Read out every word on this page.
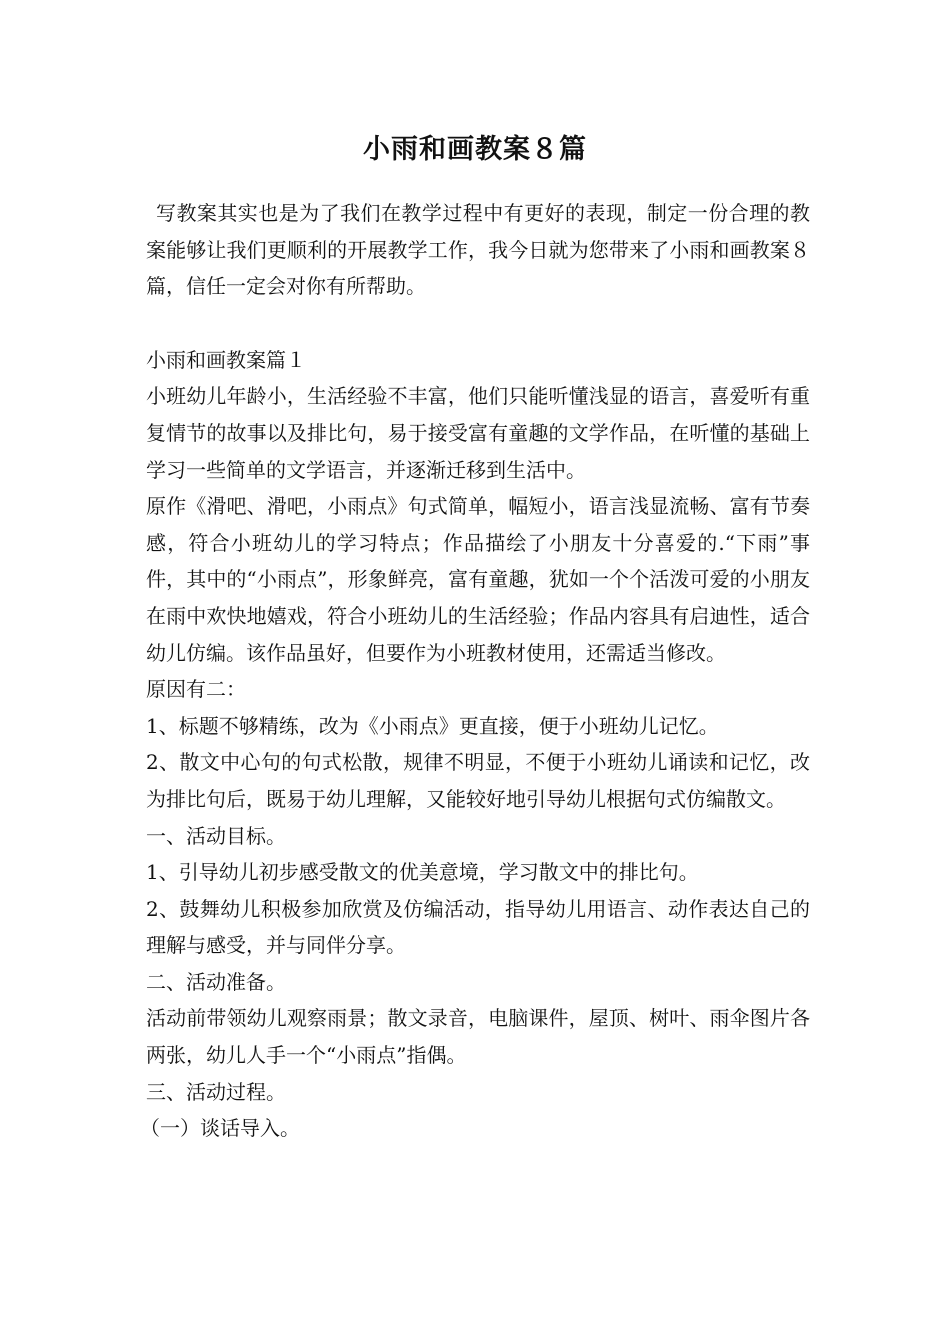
小雨和画教案８篇

写教案其实也是为了我们在教学过程中有更好的表现，制定一份合理的教案能够让我们更顺利的开展教学工作，我今日就为您带来了小雨和画教案８篇，信任一定会对你有所帮助。

小雨和画教案篇１

小班幼儿年龄小，生活经验不丰富，他们只能听懂浅显的语言，喜爱听有重复情节的故事以及排比句，易于接受富有童趣的文学作品，在听懂的基础上学习一些简单的文学语言，并逐渐迁移到生活中。

原作《滑吧、滑吧，小雨点》句式简单，幅短小，语言浅显流畅、富有节奏感，符合小班幼儿的学习特点；作品描绘了小朋友十分喜爱的.“下雨”事件，其中的“小雨点”，形象鲜亮，富有童趣，犹如一个个活泼可爱的小朋友在雨中欢快地嬉戏，符合小班幼儿的生活经验；作品内容具有启迪性，适合幼儿仿编。该作品虽好，但要作为小班教材使用，还需适当修改。

原因有二：

1、标题不够精练，改为《小雨点》更直接，便于小班幼儿记忆。

2、散文中心句的句式松散，规律不明显，不便于小班幼儿诵读和记忆，改为排比句后，既易于幼儿理解，又能较好地引导幼儿根据句式仿编散文。

一、活动目标。

1、引导幼儿初步感受散文的优美意境，学习散文中的排比句。

2、鼓舞幼儿积极参加欣赏及仿编活动，指导幼儿用语言、动作表达自己的理解与感受，并与同伴分享。

二、活动准备。

活动前带领幼儿观察雨景；散文录音，电脑课件，屋顶、树叶、雨伞图片各两张，幼儿人手一个“小雨点”指偶。

三、活动过程。

（一）谈话导入。
